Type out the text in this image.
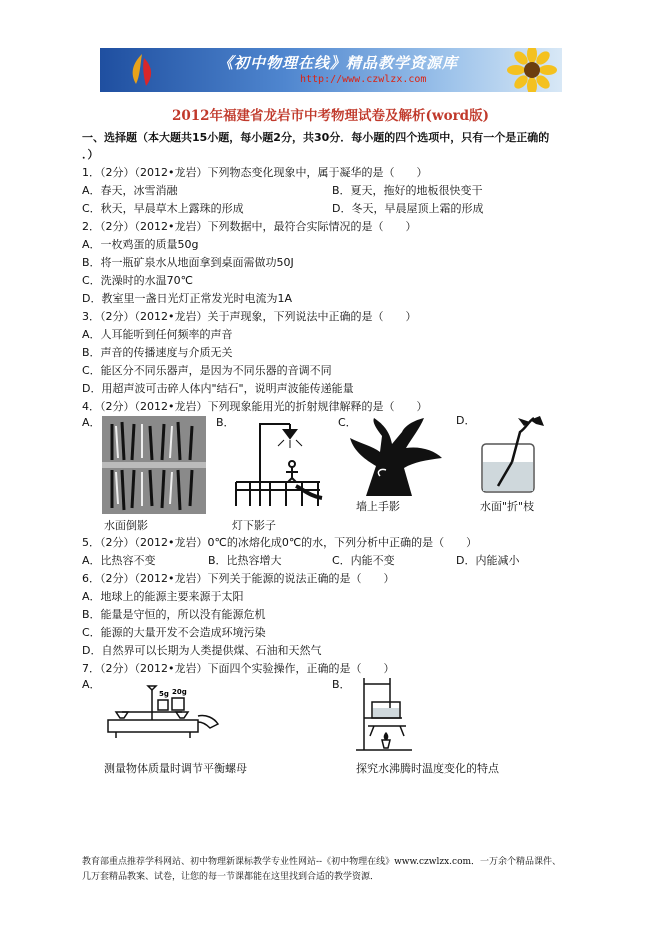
《初中物理在线》精品教学资源库
http://www.czwlzx.com
2012年福建省龙岩市中考物理试卷及解析(word版)
一、选择题（本大题共15小题，每小题2分，共30分．每小题的四个选项中，只有一个是正确的
．）
1．（2分）（2012•龙岩）下列物态变化现象中，属于凝华的是（　　）
A．春天，冰雪消融	B．夏天，拖好的地板很快变干
C．秋天，早晨草木上露珠的形成	D．冬天，早晨屋顶上霜的形成
2．（2分）（2012•龙岩）下列数据中，最符合实际情况的是（　　）
A．一枚鸡蛋的质量50g
B．将一瓶矿泉水从地面拿到桌面需做功50J
C．洗澡时的水温70℃
D．教室里一盏日光灯正常发光时电流为1A
3．（2分）（2012•龙岩）关于声现象，下列说法中正确的是（　　）
A．人耳能听到任何频率的声音
B．声音的传播速度与介质无关
C．能区分不同乐器声，是因为不同乐器的音调不同
D．用超声波可击碎人体内"结石"，说明声波能传递能量
4．（2分）（2012•龙岩）下列现象能用光的折射规律解释的是（　　）
A．	B．	C．	D．
水面倒影	灯下影子
墙上手影	水面"折"枝
5．（2分）（2012•龙岩）0℃的冰熔化成0℃的水，下列分析中正确的是（　　）
A．比热容不变	B．比热容增大	C．内能不变	D．内能减小
6．（2分）（2012•龙岩）下列关于能源的说法正确的是（　　）
A．地球上的能源主要来源于太阳
B．能量是守恒的，所以没有能源危机
C．能源的大量开发不会造成环境污染
D．自然界可以长期为人类提供煤、石油和天然气
7．（2分）（2012•龙岩）下面四个实验操作，正确的是（　　）
A．	B．
5g 20g
测量物体质量时调节平衡螺母	探究水沸腾时温度变化的特点
教育部重点推荐学科网站、初中物理新课标教学专业性网站--《初中物理在线》www.czwlzx.com．一万余个精品课件、
几万套精品教案、试卷，让您的每一节课都能在这里找到合适的教学资源．
